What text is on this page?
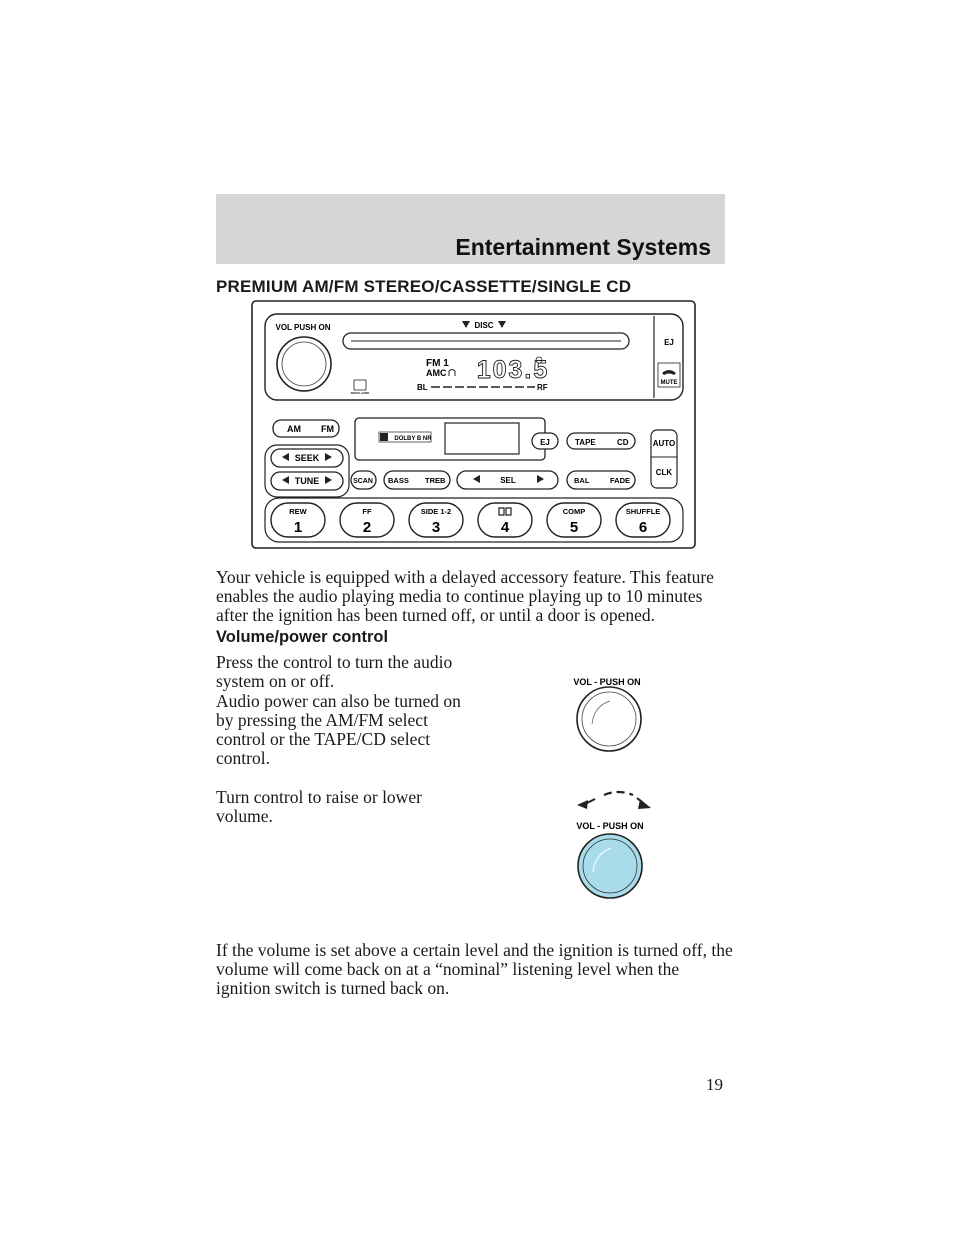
Entertainment Systems
PREMIUM AM/FM STEREO/CASSETTE/SINGLE CD
VOL PUSH ON	DISC
EJ
MUTE
FM 1
AMC 103.5
BL	RF
DIGITAL AUDIO
AM FM
SEEK
TUNE
DOLBY B NR	EJ	TAPE	CD	AUTO
CLK
SCAN BASS TREB	SEL	BAL	FADE
REW
1
FF
2
SIDE 1-2
3	4
COMP
5
SHUFFLE
6

Your vehicle is equipped with a delayed accessory feature. This feature enables the audio playing media to continue playing up to 10 minutes after the ignition has been turned off, or until a door is opened.

Volume/power control

Press the control to turn the audio system on or off.

Audio power can also be turned on by pressing the AM/FM select control or the TAPE/CD select control.

Turn control to raise or lower volume.

VOL - PUSH ON
VOL - PUSH ON

If the volume is set above a certain level and the ignition is turned off, the volume will come back on at a “nominal” listening level when the ignition switch is turned back on.

19
